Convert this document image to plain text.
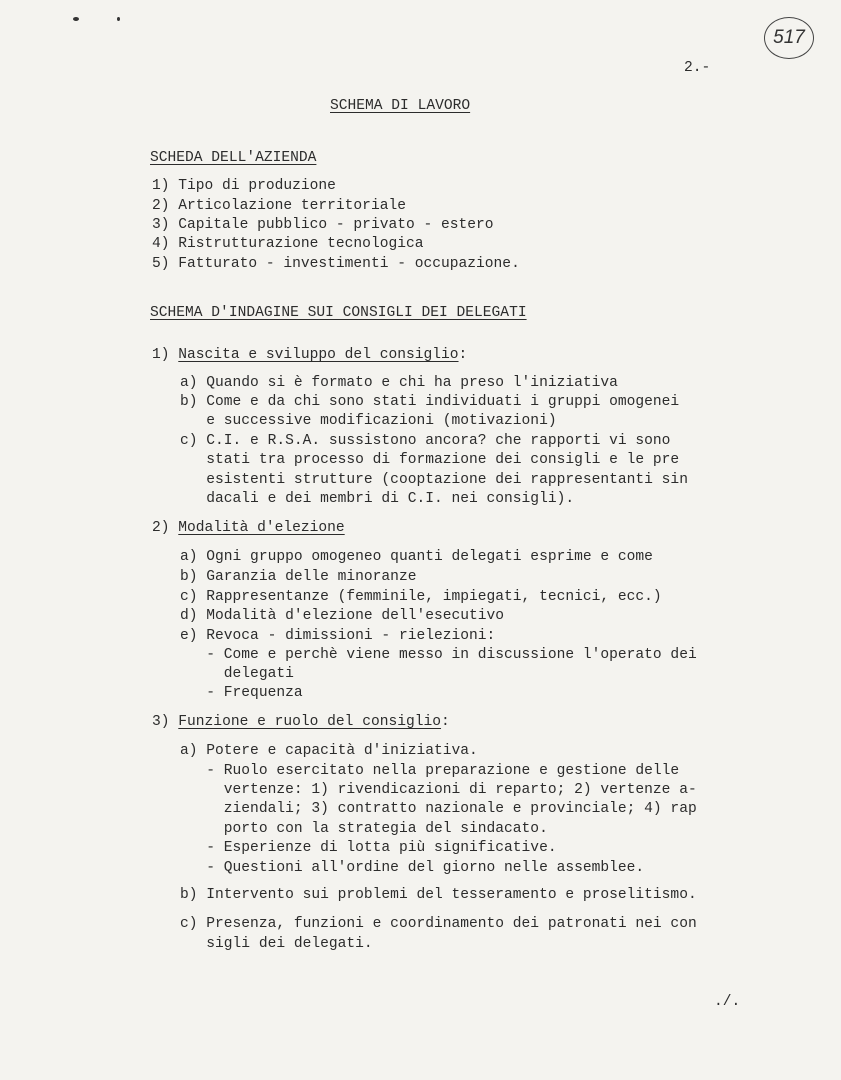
517
2.-
SCHEMA DI LAVORO
SCHEDA DELL'AZIENDA
1) Tipo di produzione
2) Articolazione territoriale
3) Capitale pubblico - privato - estero
4) Ristrutturazione tecnologica
5) Fatturato - investimenti - occupazione.
SCHEMA D'INDAGINE SUI CONSIGLI DEI DELEGATI
1) Nascita e sviluppo del consiglio:
a) Quando si è formato e chi ha preso l'iniziativa
b) Come e da chi sono stati individuati i gruppi omogenei
e successive modificazioni (motivazioni)
c) C.I. e R.S.A. sussistono ancora? che rapporti vi sono
stati tra processo di formazione dei consigli e le pre
esistenti strutture (cooptazione dei rappresentanti sin
dacali e dei membri di C.I. nei consigli).
2) Modalità d'elezione
a) Ogni gruppo omogeneo quanti delegati esprime e come
b) Garanzia delle minoranze
c) Rappresentanze (femminile, impiegati, tecnici, ecc.)
d) Modalità d'elezione dell'esecutivo
e) Revoca - dimissioni - rielezioni:
- Come e perchè viene messo in discussione l'operato dei
delegati
- Frequenza
3) Funzione e ruolo del consiglio:
a) Potere e capacità d'iniziativa.
- Ruolo esercitato nella preparazione e gestione delle
vertenze: 1) rivendicazioni di reparto; 2) vertenze a-
ziendali; 3) contratto nazionale e provinciale; 4) rap
porto con la strategia del sindacato.
- Esperienze di lotta più significative.
- Questioni all'ordine del giorno nelle assemblee.
b) Intervento sui problemi del tesseramento e proselitismo.
c) Presenza, funzioni e coordinamento dei patronati nei con
sigli dei delegati.
./.
